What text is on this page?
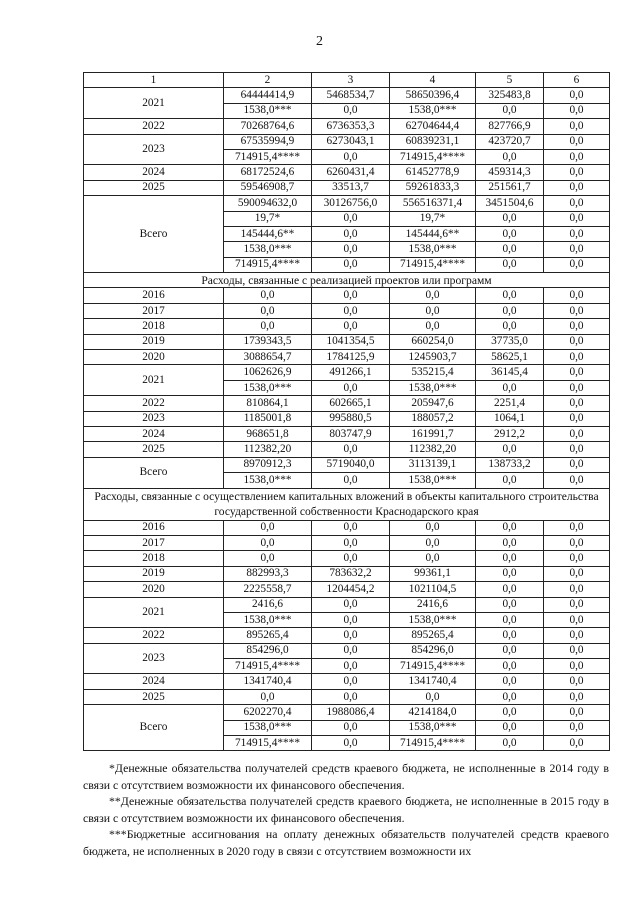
2
1	2	3	4	5	6
2021	64444414,9	5468534,7	58650396,4	325483,8	0,0
	1538,0***	0,0	1538,0***	0,0	0,0
2022	70268764,6	6736353,3	62704644,4	827766,9	0,0
2023	67535994,9	6273043,1	60839231,1	423720,7	0,0
	714915,4****	0,0	714915,4****	0,0	0,0
2024	68172524,6	6260431,4	61452778,9	459314,3	0,0
2025	59546908,7	33513,7	59261833,3	251561,7	0,0
Всего	590094632,0	30126756,0	556516371,4	3451504,6	0,0
	19,7*	0,0	19,7*	0,0	0,0
	145444,6**	0,0	145444,6**	0,0	0,0
	1538,0***	0,0	1538,0***	0,0	0,0
	714915,4****	0,0	714915,4****	0,0	0,0
Расходы, связанные с реализацией проектов или программ					
2016	0,0	0,0	0,0	0,0	0,0
2017	0,0	0,0	0,0	0,0	0,0
2018	0,0	0,0	0,0	0,0	0,0
2019	1739343,5	1041354,5	660254,0	37735,0	0,0
2020	3088654,7	1784125,9	1245903,7	58625,1	0,0
2021	1062626,9	491266,1	535215,4	36145,4	0,0
	1538,0***	0,0	1538,0***	0,0	0,0
2022	810864,1	602665,1	205947,6	2251,4	0,0
2023	1185001,8	995880,5	188057,2	1064,1	0,0
2024	968651,8	803747,9	161991,7	2912,2	0,0
2025	112382,20	0,0	112382,20	0,0	0,0
Всего	8970912,3	5719040,0	3113139,1	138733,2	0,0
	1538,0***	0,0	1538,0***	0,0	0,0
Расходы, связанные с осуществлением капитальных вложений в объекты капитального строительства государственной собственности Краснодарского края					
2016	0,0	0,0	0,0	0,0	0,0
2017	0,0	0,0	0,0	0,0	0,0
2018	0,0	0,0	0,0	0,0	0,0
2019	882993,3	783632,2	99361,1	0,0	0,0
2020	2225558,7	1204454,2	1021104,5	0,0	0,0
2021	2416,6	0,0	2416,6	0,0	0,0
	1538,0***	0,0	1538,0***	0,0	0,0
2022	895265,4	0,0	895265,4	0,0	0,0
2023	854296,0	0,0	854296,0	0,0	0,0
	714915,4****	0,0	714915,4****	0,0	0,0
2024	1341740,4	0,0	1341740,4	0,0	0,0
2025	0,0	0,0	0,0	0,0	0,0
Всего	6202270,4	1988086,4	4214184,0	0,0	0,0
	1538,0***	0,0	1538,0***	0,0	0,0
	714915,4****	0,0	714915,4****	0,0	0,0

*Денежные обязательства получателей средств краевого бюджета, не исполненные в 2014 году в связи с отсутствием возможности их финансового обеспечения.

**Денежные обязательства получателей средств краевого бюджета, не исполненные в 2015 году в связи с отсутствием возможности их финансового обеспечения.

***Бюджетные ассигнования на оплату денежных обязательств получателей средств краевого бюджета, не исполненных в 2020 году в связи с отсутствием возможности их
